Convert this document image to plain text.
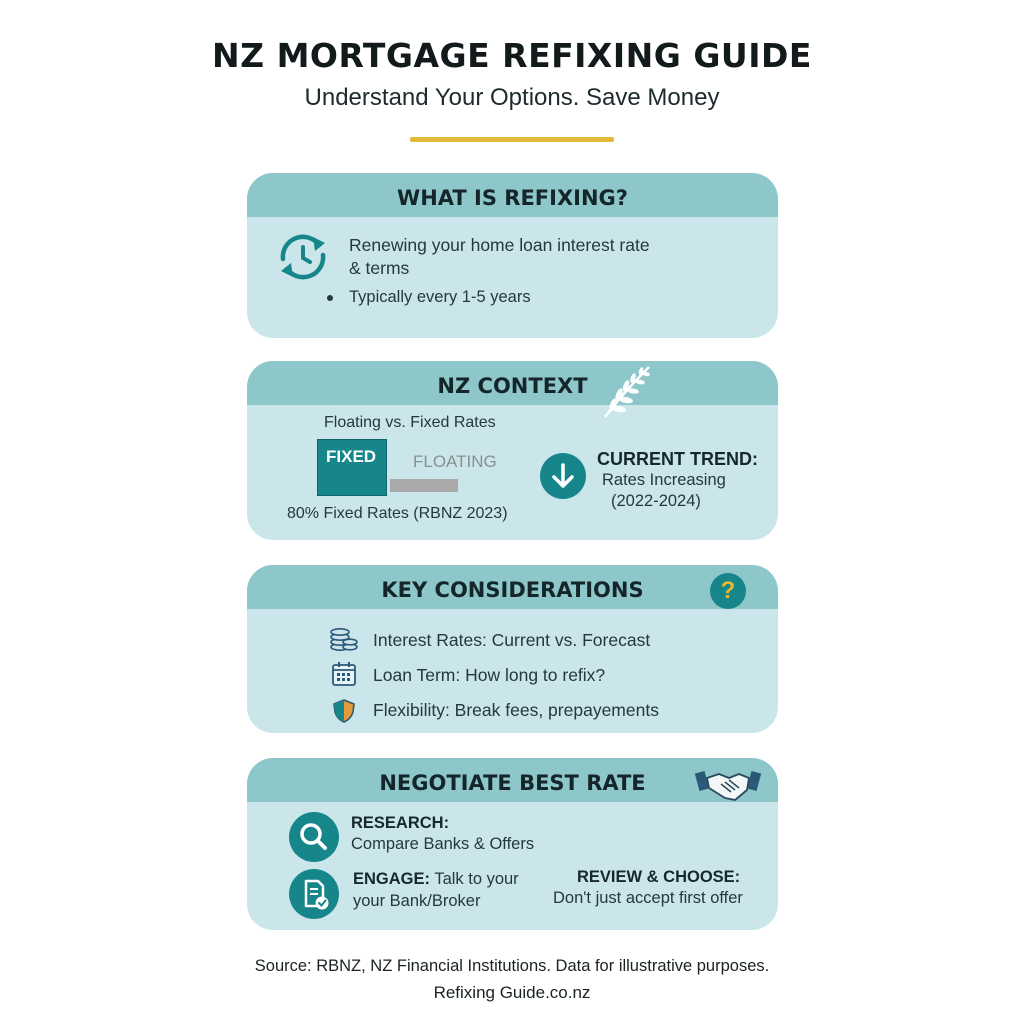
NZ MORTGAGE REFIXING GUIDE
Understand Your Options. Save Money
WHAT IS REFIXING?
Renewing your home loan interest rate
& terms
Typically every 1-5 years
NZ CONTEXT
Floating vs. Fixed Rates
FIXED FLOATING
80% Fixed Rates (RBNZ 2023)
CURRENT TREND:
Rates Increasing
(2022-2024)
KEY CONSIDERATIONS	?
Interest Rates: Current vs. Forecast
Loan Term: How long to refix?
Flexibility: Break fees, prepayements
NEGOTIATE BEST RATE
RESEARCH:
Compare Banks & Offers
ENGAGE: Talk to your
your Bank/Broker
REVIEW & CHOOSE:
Don't just accept first offer
Source: RBNZ, NZ Financial Institutions. Data for illustrative purposes.
Refixing Guide.co.nz
